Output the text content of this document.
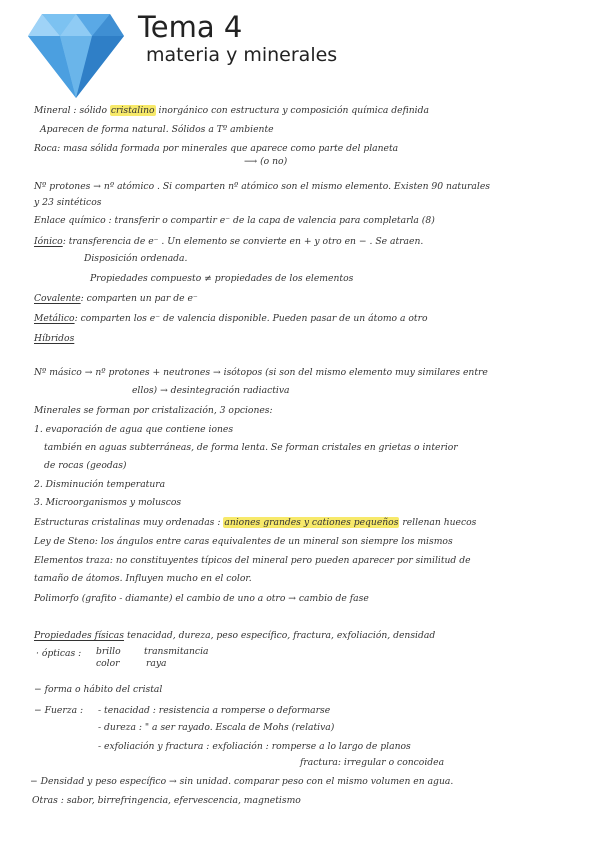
Tema 4
materia y minerales
Mineral : sólido cristalino inorgánico con estructura y composición química definida
Aparecen de forma natural. Sólidos a Tº ambiente
Roca: masa sólida formada por minerales que aparece como parte del planeta
⟶ (o no)
Nº protones → nº atómico . Si comparten nº atómico son el mismo elemento. Existen 90 naturales
y 23 sintéticos
Enlace químico : transferir o compartir e⁻ de la capa de valencia para completarla (8)
Iónico: transferencia de e⁻ . Un elemento se convierte en + y otro en − . Se atraen.
Disposición ordenada.
Propiedades compuesto ≠ propiedades de los elementos
Covalente: comparten un par de e⁻
Metálico: comparten los e⁻ de valencia disponible. Pueden pasar de un átomo a otro
Híbridos
Nº másico → nº protones + neutrones → isótopos (si son del mismo elemento muy similares entre
ellos) → desintegración radiactiva
Minerales se forman por cristalización, 3 opciones:
1. evaporación de agua que contiene iones
también en aguas subterráneas, de forma lenta. Se forman cristales en grietas o interior
de rocas (geodas)
2. Disminución temperatura
3. Microorganismos y moluscos
Estructuras cristalinas muy ordenadas : aniones grandes y cationes pequeños rellenan huecos
Ley de Steno: los ángulos entre caras equivalentes de un mineral son siempre los mismos
Elementos traza: no constituyentes típicos del mineral pero pueden aparecer por similitud de
tamaño de átomos. Influyen mucho en el color.
Polimorfo (grafito - diamante) el cambio de uno a otro → cambio de fase
Propiedades físicas tenacidad, dureza, peso específico, fractura, exfoliación, densidad
· ópticas : brillo
color
transmitancia
raya
− forma o hábito del cristal
− Fuerza : - tenacidad : resistencia a romperse o deformarse
- dureza : " a ser rayado. Escala de Mohs (relativa)
- exfoliación y fractura : exfoliación : romperse a lo largo de planos
fractura: irregular o concoidea
− Densidad y peso específico → sin unidad. comparar peso con el mismo volumen en agua.
Otras : sabor, birrefringencia, efervescencia, magnetismo
